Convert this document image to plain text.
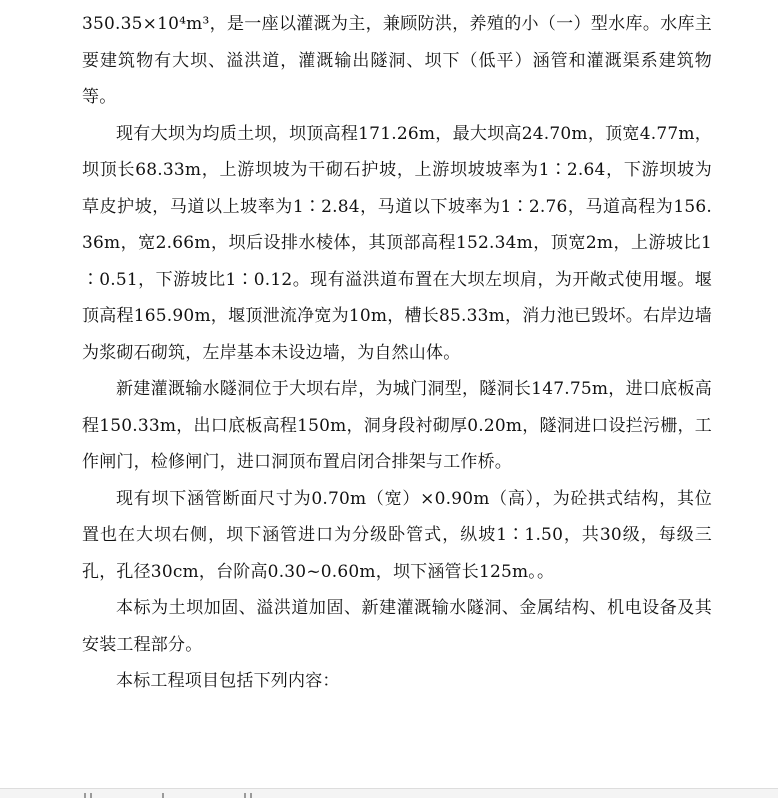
350.35×10⁴m³，是一座以灌溉为主，兼顾防洪，养殖的小（一）型水库。水库主要建筑物有大坝、溢洪道，灌溉输出隧洞、坝下（低平）涵管和灌溉渠系建筑物等。

现有大坝为均质土坝，坝顶高程171.26m，最大坝高24.70m，顶宽4.77m，坝顶长68.33m，上游坝坡为干砌石护坡，上游坝坡坡率为1∶2.64，下游坝坡为草皮护坡，马道以上坡率为1∶2.84，马道以下坡率为1∶2.76，马道高程为156.36m，宽2.66m，坝后设排水棱体，其顶部高程152.34m，顶宽2m，上游坡比1∶0.51，下游坡比1∶0.12。现有溢洪道布置在大坝左坝肩，为开敞式使用堰。堰顶高程165.90m，堰顶泄流净宽为10m，槽长85.33m，消力池已毁坏。右岸边墙为浆砌石砌筑，左岸基本未设边墙，为自然山体。

新建灌溉输水隧洞位于大坝右岸，为城门洞型，隧洞长147.75m，进口底板高程150.33m，出口底板高程150m，洞身段衬砌厚0.20m，隧洞进口设拦污栅，工作闸门，检修闸门，进口洞顶布置启闭合排架与工作桥。

现有坝下涵管断面尺寸为0.70m（宽）×0.90m（高），为砼拱式结构，其位置也在大坝右侧，坝下涵管进口为分级卧管式，纵坡1∶1.50，共30级，每级三孔，孔径30cm，台阶高0.30~0.60m，坝下涵管长125m。。

本标为土坝加固、溢洪道加固、新建灌溉输水隧洞、金属结构、机电设备及其安装工程部分。

本标工程项目包括下列内容：
